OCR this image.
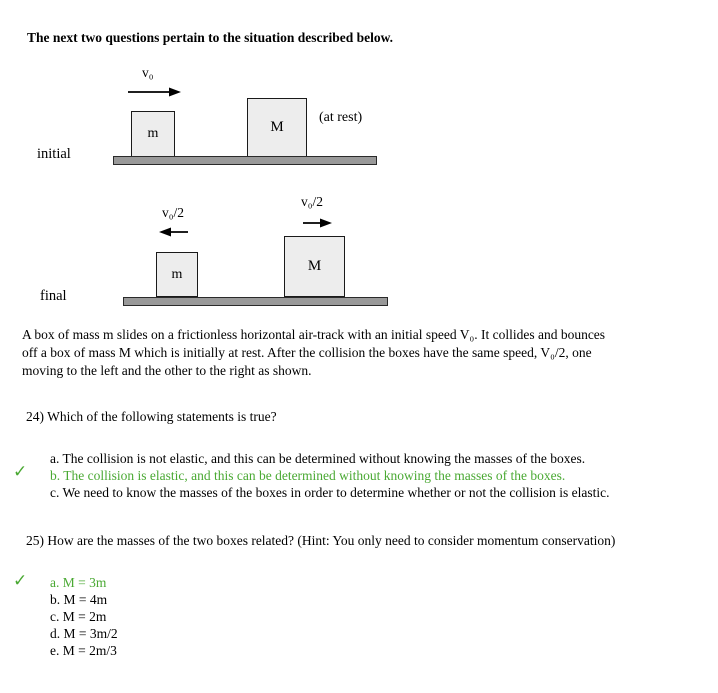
The next two questions pertain to the situation described below.
v₀
m	M
(at rest)
initial
v₀/2
m
v₀/2
M
final
A box of mass m slides on a frictionless horizontal air-track with an initial speed V₀. It collides and bounces
off a box of mass M which is initially at rest. After the collision the boxes have the same speed, V₀/2, one
moving to the left and the other to the right as shown.
24) Which of the following statements is true?
✓
a. The collision is not elastic, and this can be determined without knowing the masses of the boxes.
b. The collision is elastic, and this can be determined without knowing the masses of the boxes.
c. We need to know the masses of the boxes in order to determine whether or not the collision is elastic.
25) How are the masses of the two boxes related? (Hint: You only need to consider momentum conservation)
✓ a. M = 3m
b. M = 4m
c. M = 2m
d. M = 3m/2
e. M = 2m/3
